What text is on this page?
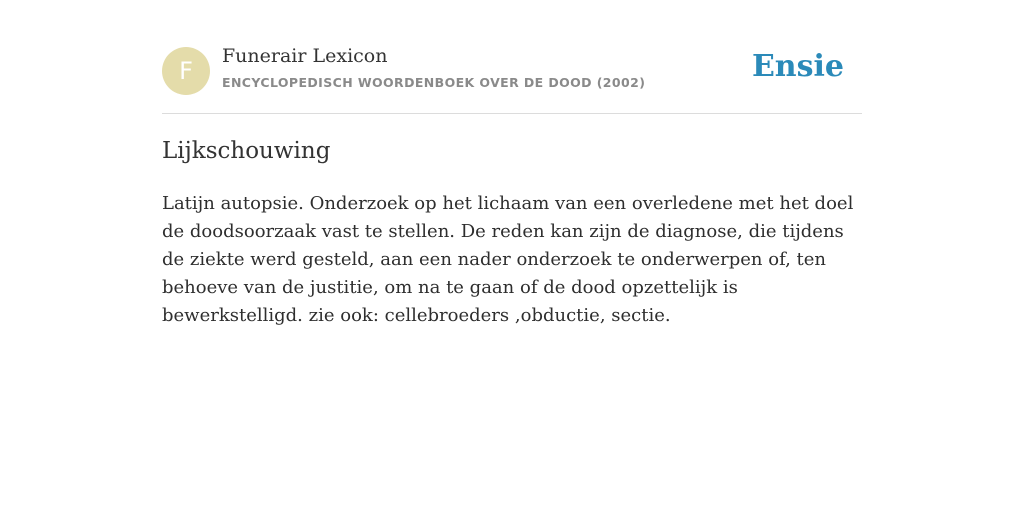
F
Funerair Lexicon
ENCYCLOPEDISCH WOORDENBOEK OVER DE DOOD (2002)	Ensie
Lijkschouwing

Latijn autopsie. Onderzoek op het lichaam van een overledene met het doel de doodsoorzaak vast te stellen. De reden kan zijn de diagnose, die tijdens de ziekte werd gesteld, aan een nader onderzoek te onderwerpen of, ten behoeve van de justitie, om na te gaan of de dood opzettelijk is bewerkstelligd. zie ook: cellebroeders ,obductie, sectie.
